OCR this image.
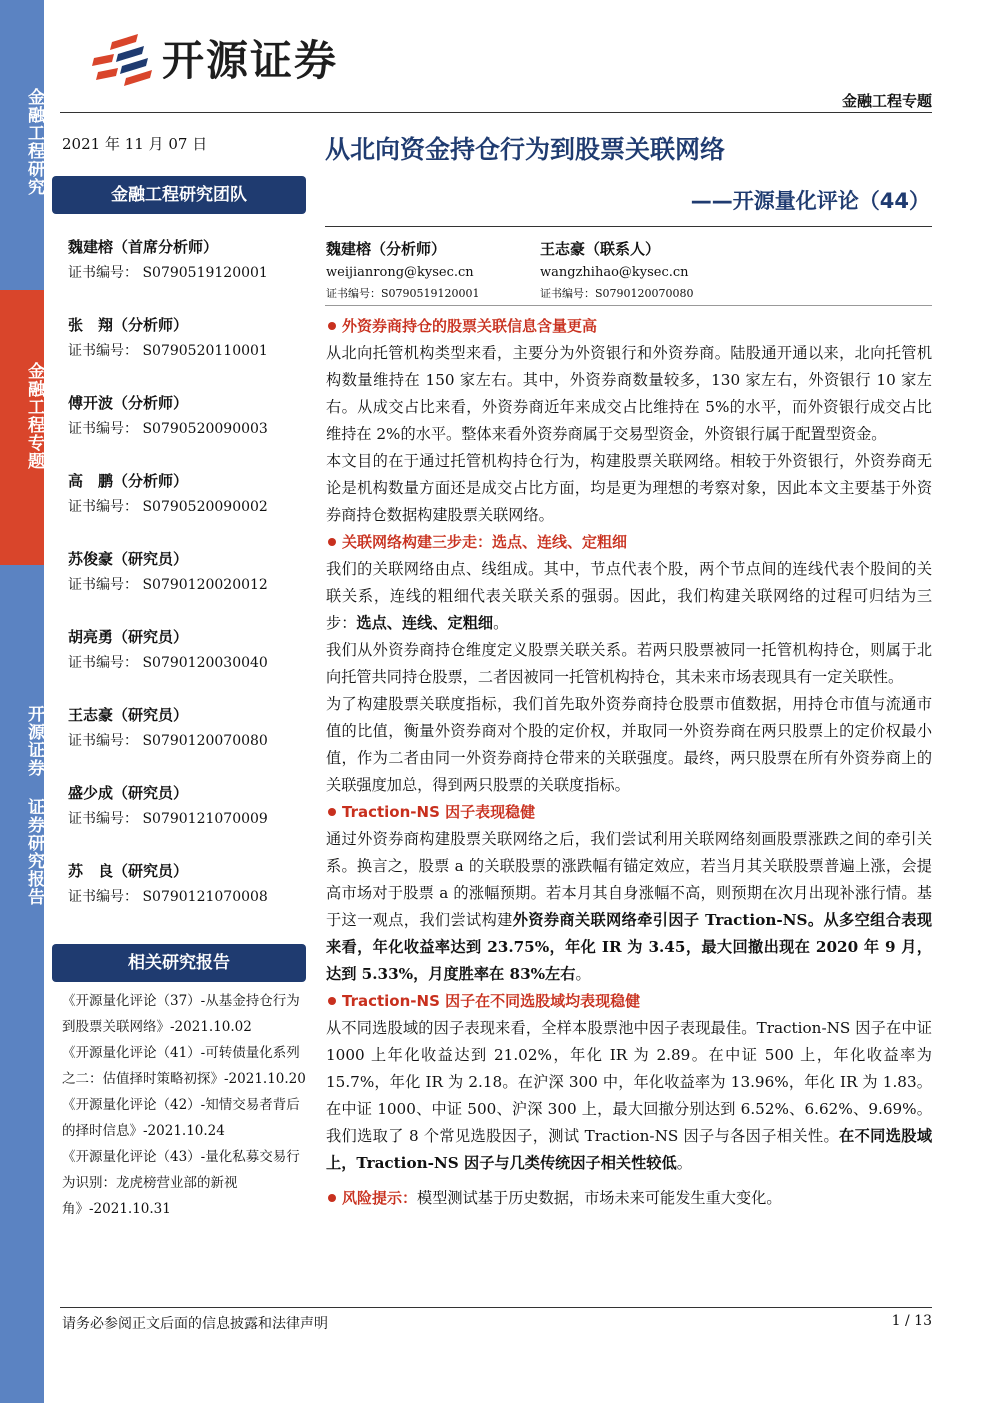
金融工程研究
金融工程专题
开源证券 证券研究报告
开源证券
金融工程专题
2021 年 11 月 07 日	从北向资金持仓行为到股票关联网络
——开源量化评论（44）
金融工程研究团队
魏建榕（首席分析师）
证书编号： S0790519120001
张　翔（分析师）
证书编号： S0790520110001
傅开波（分析师）
证书编号： S0790520090003
高　鹏（分析师）
证书编号： S0790520090002
苏俊豪（研究员）
证书编号： S0790120020012
胡亮勇（研究员）
证书编号： S0790120030040
王志豪（研究员）
证书编号： S0790120070080
盛少成（研究员）
证书编号： S0790121070009
苏　良（研究员）
证书编号： S0790121070008
相关研究报告
《开源量化评论（37）-从基金持仓行为到股票关联网络》-2021.10.02
《开源量化评论（41）-可转债量化系列之二：估值择时策略初探》-2021.10.20
《开源量化评论（42）-知情交易者背后的择时信息》-2021.10.24
《开源量化评论（43）-量化私募交易行为识别：龙虎榜营业部的新视角》-2021.10.31
魏建榕（分析师）
weijianrong@kysec.cn
证书编号：S0790519120001
王志豪（联系人）
wangzhihao@kysec.cn
证书编号：S0790120070080
外资券商持仓的股票关联信息含量更高
从北向托管机构类型来看，主要分为外资银行和外资券商。陆股通开通以来，北向托管机构数量维持在 150 家左右。其中，外资券商数量较多，130 家左右，外资银行 10 家左右。从成交占比来看，外资券商近年来成交占比维持在 5%的水平，而外资银行成交占比维持在 2%的水平。整体来看外资券商属于交易型资金，外资银行属于配置型资金。
本文目的在于通过托管机构持仓行为，构建股票关联网络。相较于外资银行，外资券商无论是机构数量方面还是成交占比方面，均是更为理想的考察对象，因此本文主要基于外资券商持仓数据构建股票关联网络。
关联网络构建三步走：选点、连线、定粗细
我们的关联网络由点、线组成。其中，节点代表个股，两个节点间的连线代表个股间的关联关系，连线的粗细代表关联关系的强弱。因此，我们构建关联网络的过程可归结为三步：选点、连线、定粗细。
我们从外资券商持仓维度定义股票关联关系。若两只股票被同一托管机构持仓，则属于北向托管共同持仓股票，二者因被同一托管机构持仓，其未来市场表现具有一定关联性。
为了构建股票关联度指标，我们首先取外资券商持仓股票市值数据，用持仓市值与流通市值的比值，衡量外资券商对个股的定价权，并取同一外资券商在两只股票上的定价权最小值，作为二者由同一外资券商持仓带来的关联强度。最终，两只股票在所有外资券商上的关联强度加总，得到两只股票的关联度指标。
Traction-NS 因子表现稳健
通过外资券商构建股票关联网络之后，我们尝试利用关联网络刻画股票涨跌之间的牵引关系。换言之，股票 a 的关联股票的涨跌幅有锚定效应，若当月其关联股票普遍上涨，会提高市场对于股票 a 的涨幅预期。若本月其自身涨幅不高，则预期在次月出现补涨行情。基于这一观点，我们尝试构建外资券商关联网络牵引因子 Traction-NS。从多空组合表现来看，年化收益率达到 23.75%，年化 IR 为 3.45，最大回撤出现在 2020 年 9 月，达到 5.33%，月度胜率在 83%左右。
Traction-NS 因子在不同选股域均表现稳健
从不同选股域的因子表现来看，全样本股票池中因子表现最佳。Traction-NS 因子在中证 1000 上年化收益达到 21.02%，年化 IR 为 2.89。在中证 500 上，年化收益率为 15.7%，年化 IR 为 2.18。在沪深 300 中，年化收益率为 13.96%，年化 IR 为 1.83。在中证 1000、中证 500、沪深 300 上，最大回撤分别达到 6.52%、6.62%、9.69%。我们选取了 8 个常见选股因子，测试 Traction-NS 因子与各因子相关性。在不同选股域上，Traction-NS 因子与几类传统因子相关性较低。
风险提示：模型测试基于历史数据，市场未来可能发生重大变化。
请务必参阅正文后面的信息披露和法律声明	1 / 13
